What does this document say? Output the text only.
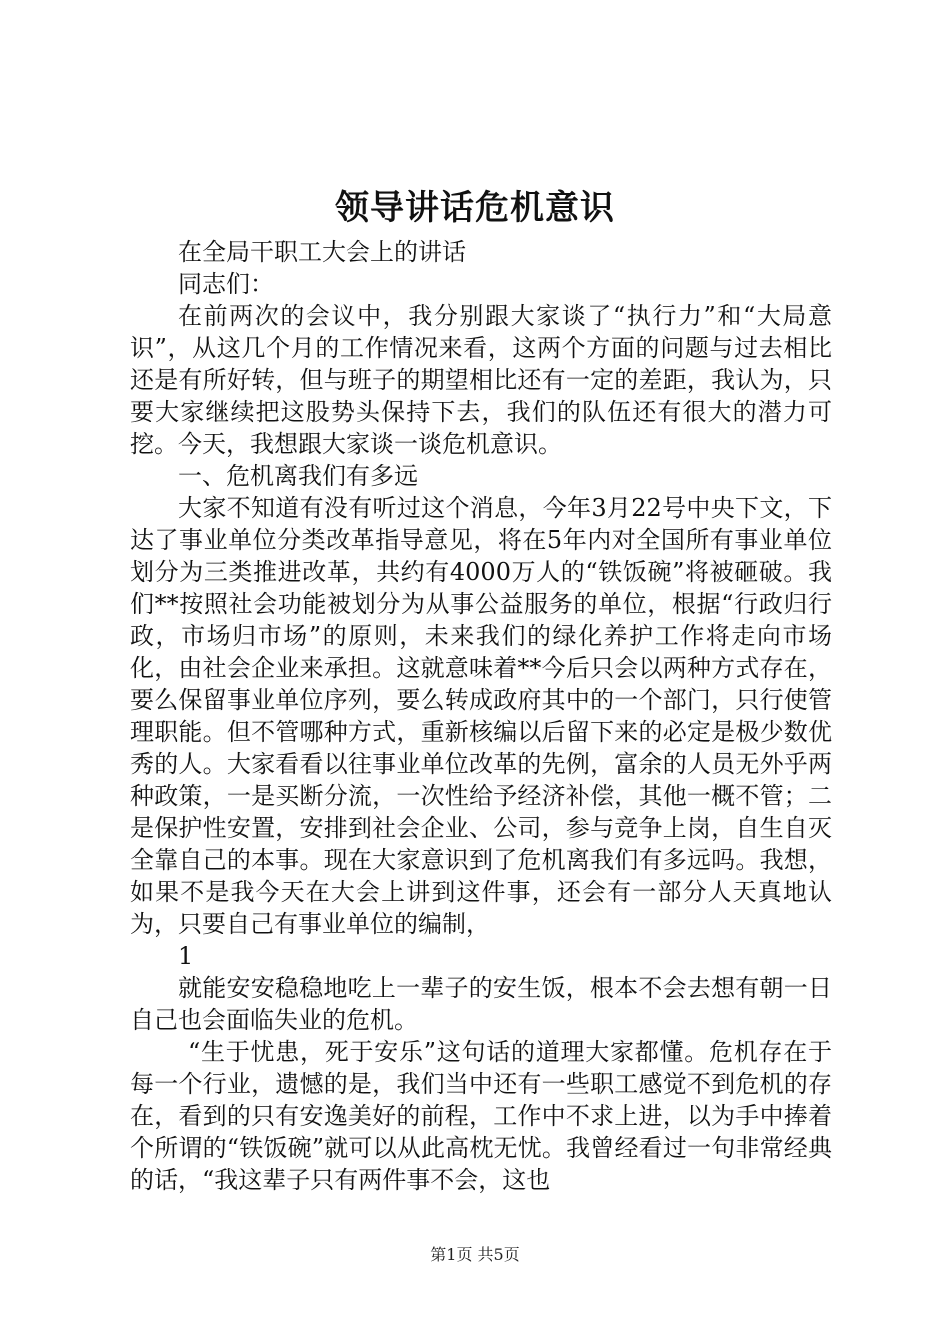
领导讲话危机意识

在全局干职工大会上的讲话

同志们：

在前两次的会议中，我分别跟大家谈了“执行力”和“大局意识”，从这几个月的工作情况来看，这两个方面的问题与过去相比还是有所好转，但与班子的期望相比还有一定的差距，我认为，只要大家继续把这股势头保持下去，我们的队伍还有很大的潜力可挖。今天，我想跟大家谈一谈危机意识。

一、危机离我们有多远

大家不知道有没有听过这个消息，今年3月22号中央下文，下达了事业单位分类改革指导意见，将在5年内对全国所有事业单位划分为三类推进改革，共约有4000万人的“铁饭碗”将被砸破。我们**按照社会功能被划分为从事公益服务的单位，根据“行政归行政，市场归市场”的原则，未来我们的绿化养护工作将走向市场化，由社会企业来承担。这就意味着**今后只会以两种方式存在，要么保留事业单位序列，要么转成政府其中的一个部门，只行使管理职能。但不管哪种方式，重新核编以后留下来的必定是极少数优秀的人。大家看看以往事业单位改革的先例，富余的人员无外乎两种政策，一是买断分流，一次性给予经济补偿，其他一概不管；二是保护性安置，安排到社会企业、公司，参与竞争上岗，自生自灭全靠自己的本事。现在大家意识到了危机离我们有多远吗。我想，如果不是我今天在大会上讲到这件事，还会有一部分人天真地认为，只要自己有事业单位的编制，

1

就能安安稳稳地吃上一辈子的安生饭，根本不会去想有朝一日自己也会面临失业的危机。

“生于忧患，死于安乐”这句话的道理大家都懂。危机存在于每一个行业，遗憾的是，我们当中还有一些职工感觉不到危机的存在，看到的只有安逸美好的前程，工作中不求上进，以为手中捧着个所谓的“铁饭碗”就可以从此高枕无忧。我曾经看过一句非常经典的话，“我这辈子只有两件事不会，这也

第1页 共5页
